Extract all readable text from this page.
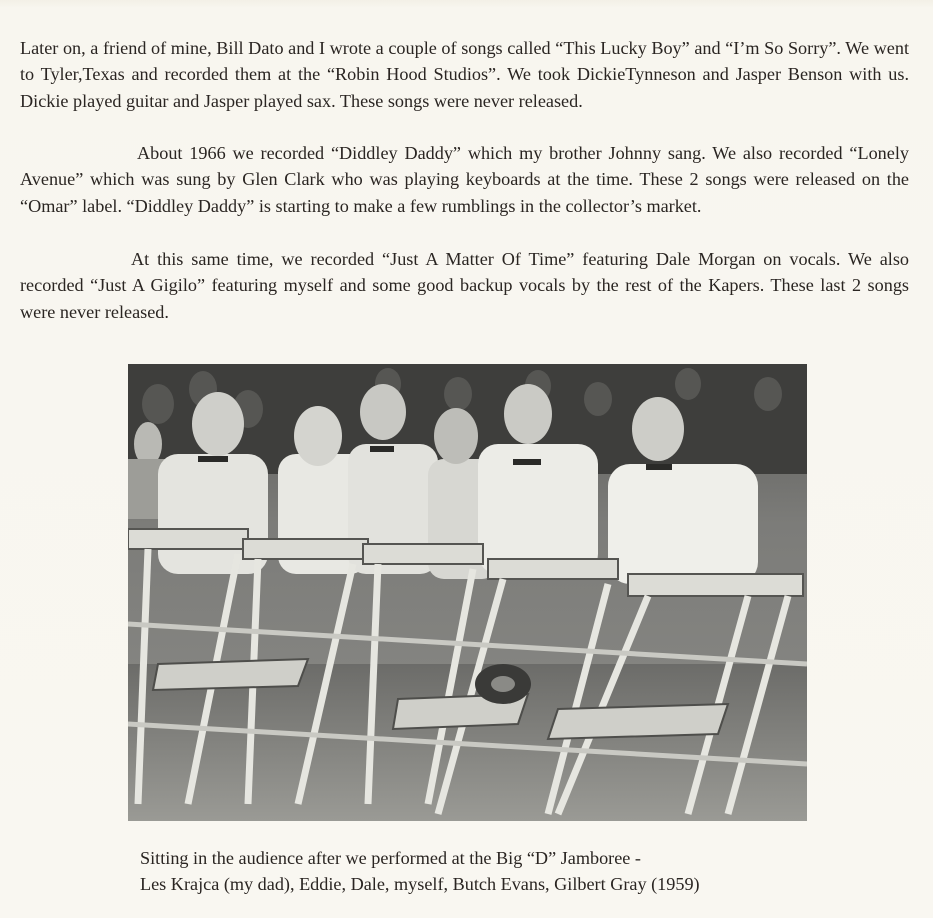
Later on, a friend of mine, Bill Dato and I wrote a couple of songs called “This Lucky Boy” and “I’m So Sorry”. We went to Tyler,Texas and recorded them at the “Robin Hood Studios”. We took DickieTynneson and Jasper Benson with us. Dickie played guitar and Jasper played sax. These songs were never released.

About 1966 we recorded “Diddley Daddy” which my brother Johnny sang. We also recorded “Lonely Avenue” which was sung by Glen Clark who was playing keyboards at the time. These 2 songs were released on the “Omar” label. “Diddley Daddy” is starting to make a few rumblings in the collector’s market.

At this same time, we recorded “Just A Matter Of Time” featuring Dale Morgan on vocals. We also recorded “Just A Gigilo” featuring myself and some good backup vocals by the rest of the Kapers. These last 2 songs were never released.

Sitting in the audience after we performed at the Big “D” Jamboree -
Les Krajca (my dad), Eddie, Dale, myself, Butch Evans, Gilbert Gray (1959)
